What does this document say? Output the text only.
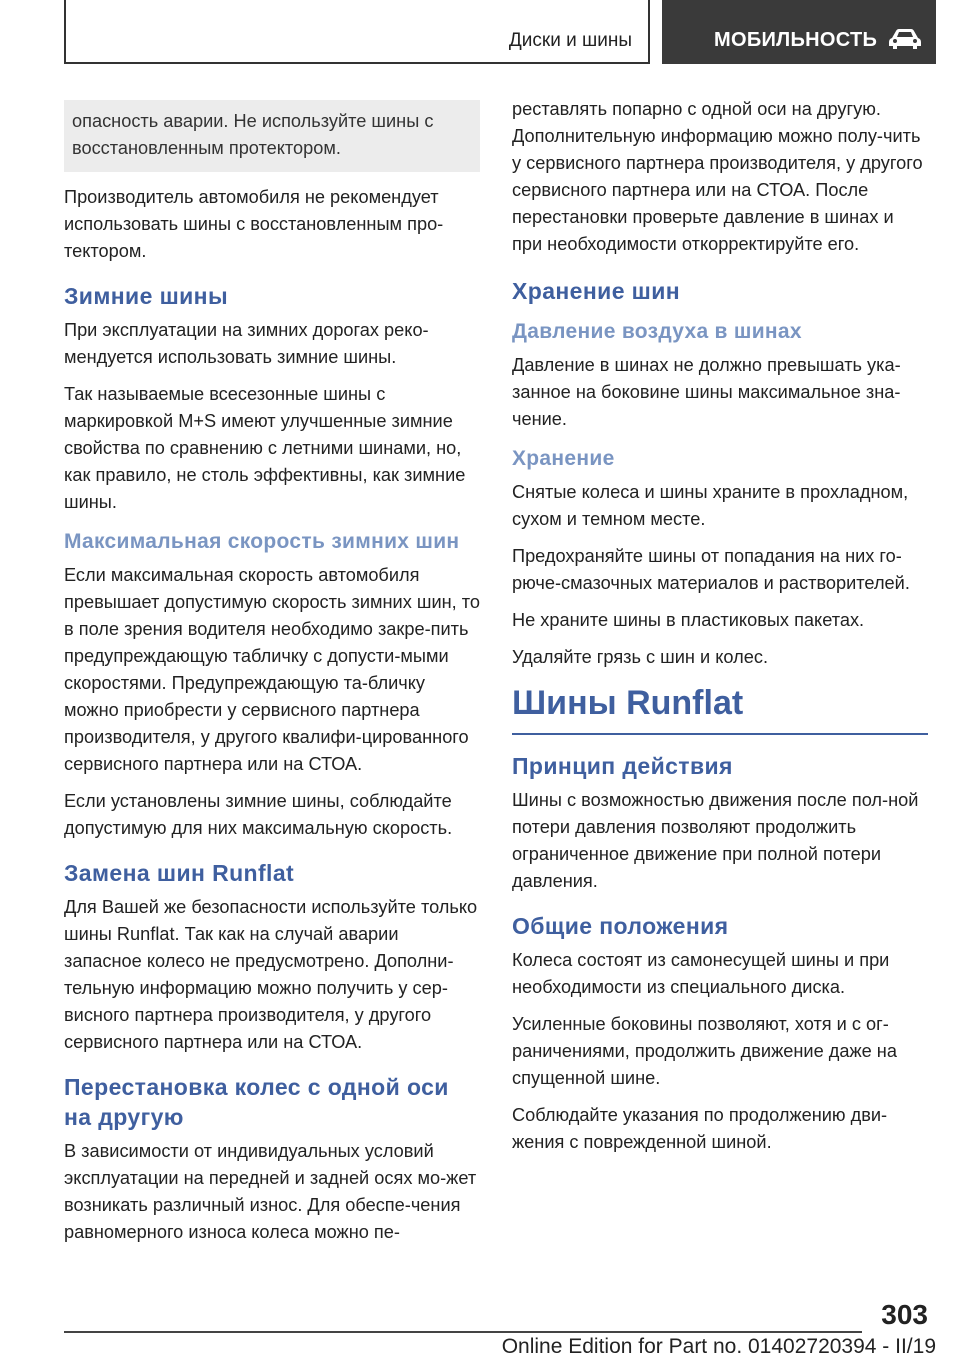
Диски и шины	МОБИЛЬНОСТЬ
опасность аварии. Не используйте шины с восстановленным протектором.

Производитель автомобиля не рекомендует использовать шины с восстановленным про-тектором.

Зимние шины

При эксплуатации на зимних дорогах реко-мендуется использовать зимние шины.

Так называемые всесезонные шины с маркировкой M+S имеют улучшенные зимние свойства по сравнению с летними шинами, но, как правило, не столь эффективны, как зимние шины.

Максимальная скорость зимних шин

Если максимальная скорость автомобиля превышает допустимую скорость зимних шин, то в поле зрения водителя необходимо закре-пить предупреждающую табличку с допусти-мыми скоростями. Предупреждающую та-бличку можно приобрести у сервисного партнера производителя, у другого квалифи-цированного сервисного партнера или на СТОА.

Если установлены зимние шины, соблюдайте допустимую для них максимальную скорость.

Замена шин Runflat

Для Вашей же безопасности используйте только шины Runflat. Так как на случай аварии запасное колесо не предусмотрено. Дополни-тельную информацию можно получить у сер-висного партнера производителя, у другого сервисного партнера или на СТОА.

Перестановка колес с одной оси на другую

В зависимости от индивидуальных условий эксплуатации на передней и задней осях мо-жет возникать различный износ. Для обеспе-чения равномерного износа колеса можно пе-

реставлять попарно с одной оси на другую. Дополнительную информацию можно полу-чить у сервисного партнера производителя, у другого сервисного партнера или на СТОА. После перестановки проверьте давление в шинах и при необходимости откорректируйте его.

Хранение шин
Давление воздуха в шинах

Давление в шинах не должно превышать ука-занное на боковине шины максимальное зна-чение.

Хранение

Снятые колеса и шины храните в прохладном, сухом и темном месте.

Предохраняйте шины от попадания на них го-рюче-смазочных материалов и растворителей.

Не храните шины в пластиковых пакетах.

Удаляйте грязь с шин и колес.

Шины Runflat
Принцип действия

Шины с возможностью движения после пол-ной потери давления позволяют продолжить ограниченное движение при полной потери давления.

Общие положения

Колеса состоят из самонесущей шины и при необходимости из специального диска.

Усиленные боковины позволяют, хотя и с ог-раничениями, продолжить движение даже на спущенной шине.

Соблюдайте указания по продолжению дви-жения с поврежденной шиной.

303
Online Edition for Part no. 01402720394 - II/19
